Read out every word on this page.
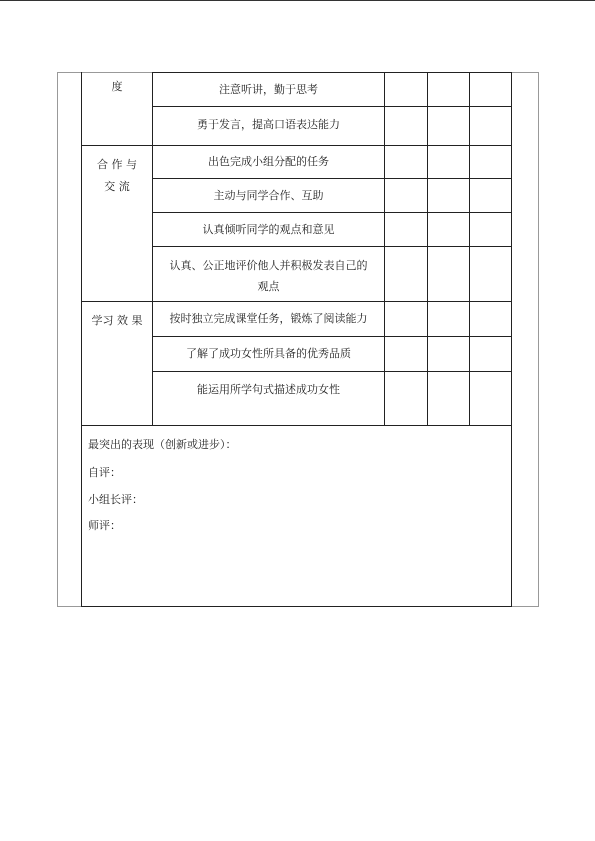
度
合 作 与
交 流
学习 效 果
注意听讲，勤于思考
勇于发言，提高口语表达能力
出色完成小组分配的任务
主动与同学合作、互助
认真倾听同学的观点和意见
认真、公正地评价他人并积极发表自己的
观点
按时独立完成课堂任务，锻炼了阅读能力
了解了成功女性所具备的优秀品质
能运用所学句式描述成功女性
最突出的表现（创新或进步）：
自评：
小组长评：
师评：
